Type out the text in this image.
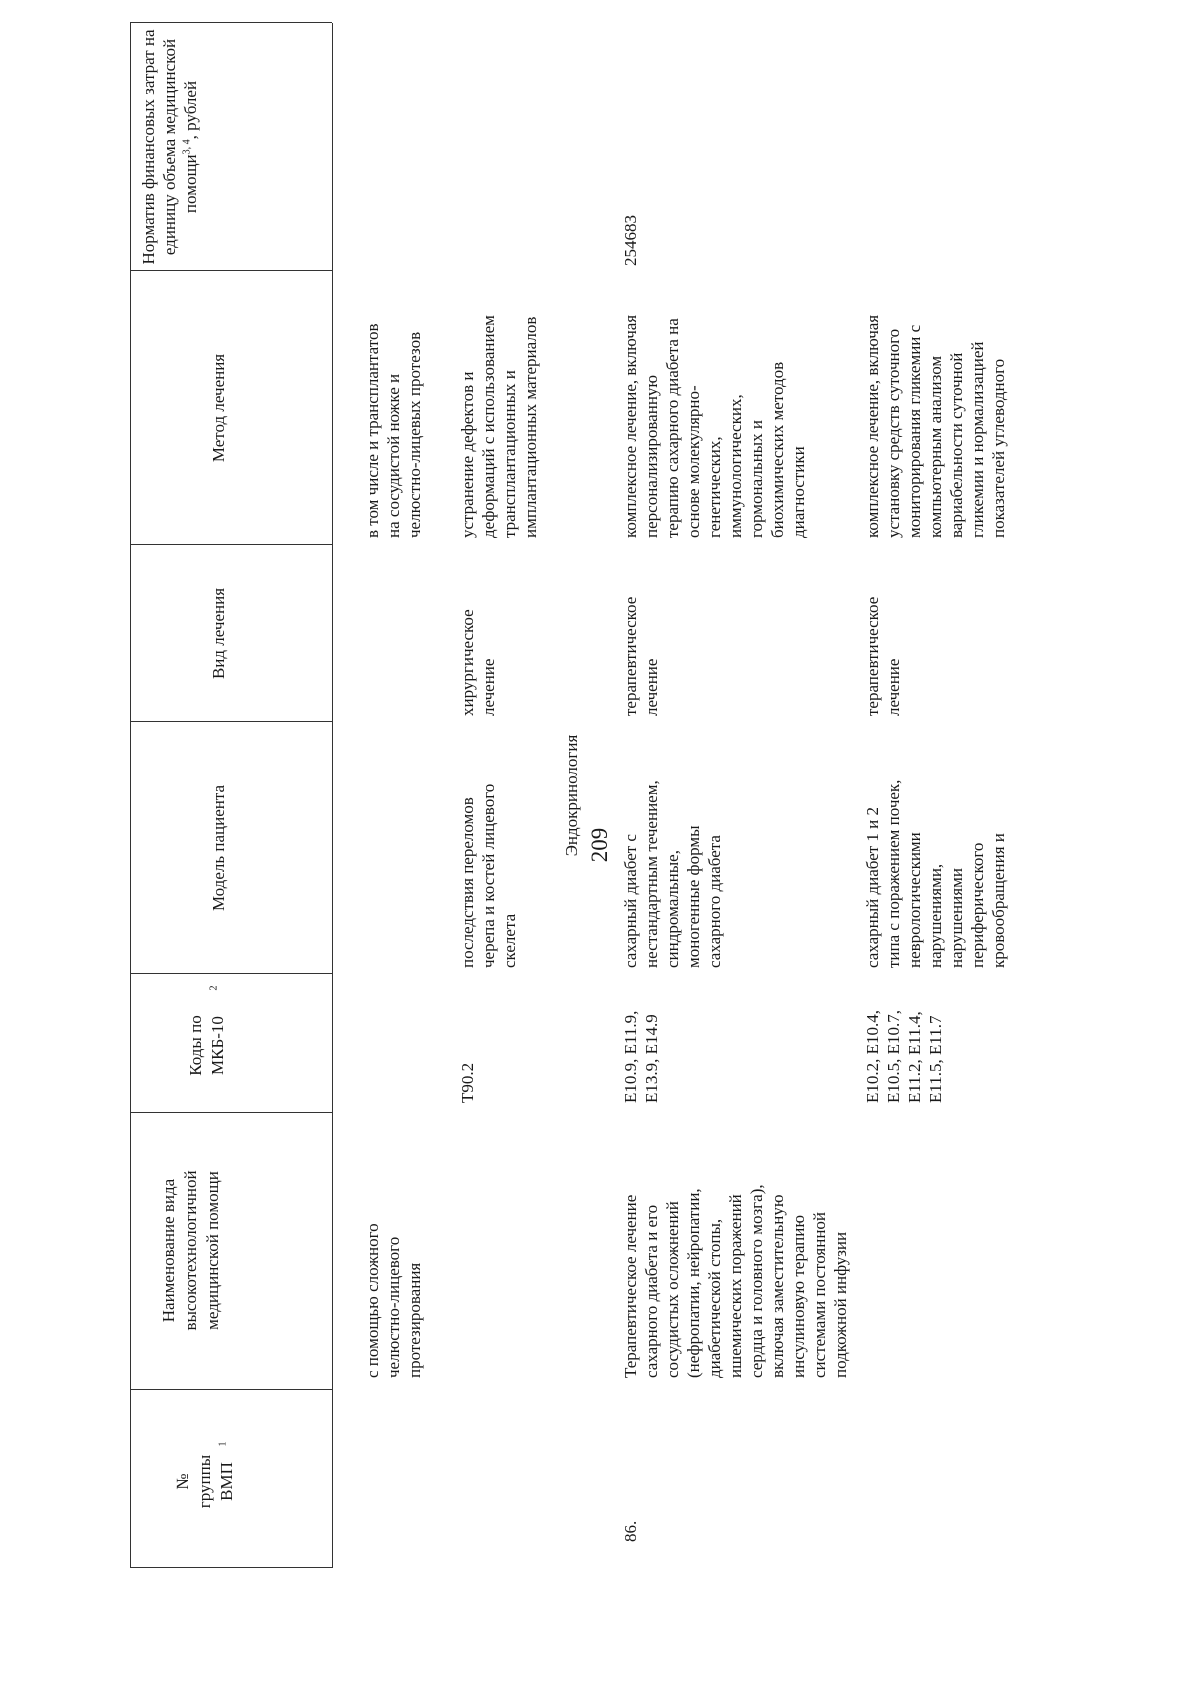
209
№ группы ВМП$^1$
Наименование вида высокотехнологичной медицинской помощи
Коды по МКБ-$10^2$
Модель пациента
Вид лечения
Метод лечения
Норматив финансовых затрат на единицу объема медицинской помощи$^{3, 4}$, рублей
с помощью сложного
челюстно-лицевого
протезирования
в том числе и трансплантатов
на сосудистой ножке и
челюстно-лицевых протезов
T90.2
последствия переломов
черепа и костей лицевого
скелета
хирургическое
лечение
устранение дефектов и
деформаций с использованием
трансплантационных и
имплантационных материалов
Эндокринология
86.
Терапевтическое лечение
сахарного диабета и его
сосудистых осложнений
(нефропатии, нейропатии,
диабетической стопы,
ишемических поражений
сердца и головного мозга),
включая заместительную
инсулиновую терапию
системами постоянной
подкожной инфузии
E10.9, E11.9,
E13.9, E14.9
сахарный диабет с
нестандартным течением,
синдромальные,
моногенные формы
сахарного диабета
терапевтическое
лечение
комплексное лечение, включая
персонализированную
терапию сахарного диабета на
основе молекулярно-
генетических,
иммунологических,
гормональных и
биохимических методов
диагностики
254683
E10.2, E10.4,
E10.5, E10.7,
E11.2, E11.4,
E11.5, E11.7
сахарный диабет 1 и 2
типа с поражением почек,
неврологическими
нарушениями,
нарушениями
периферического
кровообращения и
терапевтическое
лечение
комплексное лечение, включая
установку средств суточного
мониторирования гликемии с
компьютерным анализом
вариабельности суточной
гликемии и нормализацией
показателей углеводного
